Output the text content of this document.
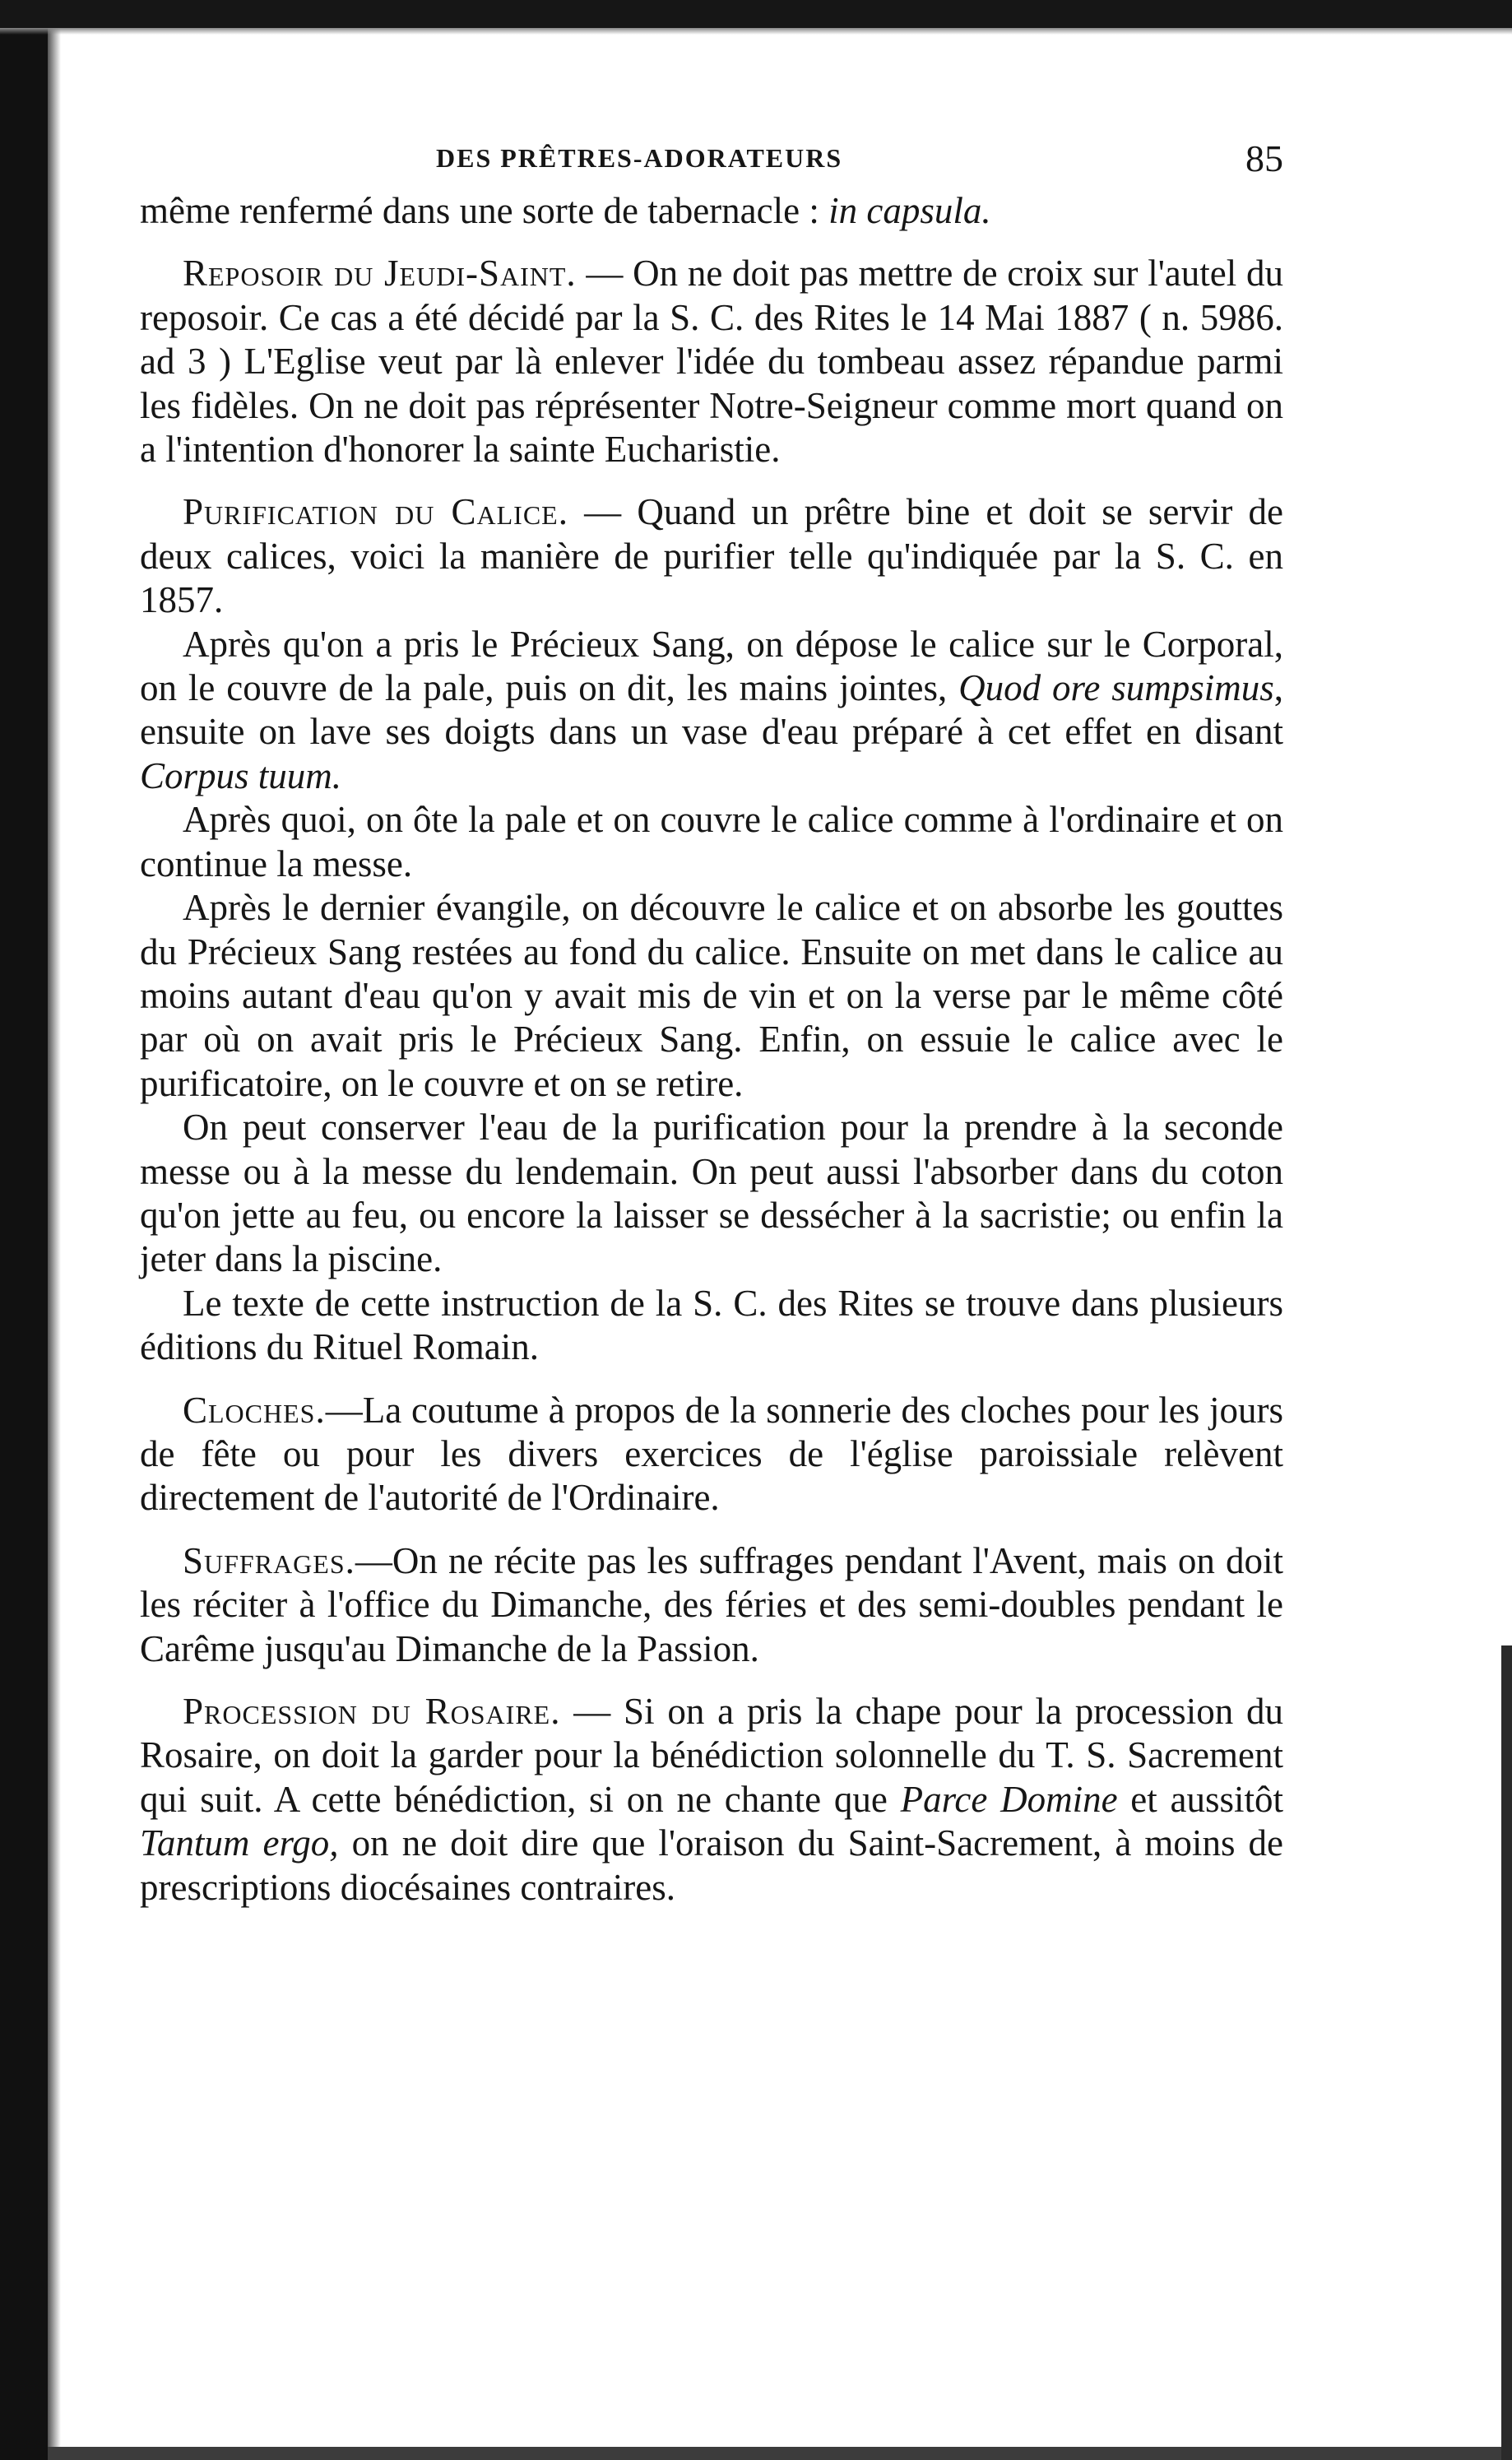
DES PRÊTRES-ADORATEURS	85

même renfermé dans une sorte de tabernacle : in capsula.

Reposoir du Jeudi-Saint. — On ne doit pas mettre de croix sur l'autel du reposoir. Ce cas a été décidé par la S. C. des Rites le 14 Mai 1887 ( n. 5986. ad 3 ) L'Eglise veut par là enlever l'idée du tombeau assez répandue parmi les fidèles. On ne doit pas réprésenter Notre-Seigneur comme mort quand on a l'intention d'honorer la sainte Eucharistie.

Purification du Calice. — Quand un prêtre bine et doit se servir de deux calices, voici la manière de purifier telle qu'indiquée par la S. C. en 1857.

Après qu'on a pris le Précieux Sang, on dépose le calice sur le Corporal, on le couvre de la pale, puis on dit, les mains jointes, Quod ore sumpsimus, ensuite on lave ses doigts dans un vase d'eau préparé à cet effet en disant Corpus tuum.

Après quoi, on ôte la pale et on couvre le calice comme à l'ordinaire et on continue la messe.

Après le dernier évangile, on découvre le calice et on absorbe les gouttes du Précieux Sang restées au fond du calice. Ensuite on met dans le calice au moins autant d'eau qu'on y avait mis de vin et on la verse par le même côté par où on avait pris le Précieux Sang. Enfin, on essuie le calice avec le purificatoire, on le couvre et on se retire.

On peut conserver l'eau de la purification pour la prendre à la seconde messe ou à la messe du lendemain. On peut aussi l'absorber dans du coton qu'on jette au feu, ou encore la laisser se dessécher à la sacristie; ou enfin la jeter dans la piscine.

Le texte de cette instruction de la S. C. des Rites se trouve dans plusieurs éditions du Rituel Romain.

Cloches.—La coutume à propos de la sonnerie des cloches pour les jours de fête ou pour les divers exercices de l'église paroissiale relèvent directement de l'autorité de l'Ordinaire.

Suffrages.—On ne récite pas les suffrages pendant l'Avent, mais on doit les réciter à l'office du Dimanche, des féries et des semi-doubles pendant le Carême jusqu'au Dimanche de la Passion.

Procession du Rosaire. — Si on a pris la chape pour la procession du Rosaire, on doit la garder pour la bénédiction solonnelle du T. S. Sacrement qui suit. A cette bénédiction, si on ne chante que Parce Domine et aussitôt Tantum ergo, on ne doit dire que l'oraison du Saint-Sacrement, à moins de prescriptions diocésaines contraires.
